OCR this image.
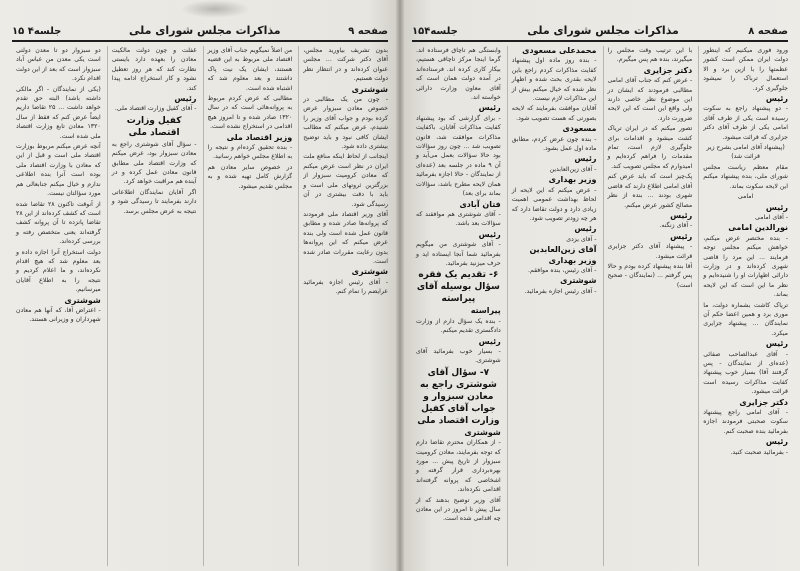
صفحه ۹
مذاکرات مجلس شورای ملی
جلسه۴ ۱۵

بدون تشریف بیاورید مجلس، آقای دکتر شرکت ... مجلس عنوان کرده‌اند و در انتظار نظر دولت هستیم.

شوشتری

- چون من یک مطالبی در خصوص معادن سبزوار عرض کرده بودم و جواب آقای وزیر را شنیدم، عرض میکنم که مطالب ایشان کافی نبود و باید توضیح بیشتری داده شود.

اینجانب از لحاظ اینکه منافع ملت ایران در نظر است عرض میکنم که معادن کرومیت سبزوار از بزرگترین ثروتهای ملی است و باید با دقت بیشتری در آن رسیدگی شود.

آقای وزیر اقتصاد ملی فرمودند که پروانه‌ها صادر شده و مطابق قانون عمل شده است ولی بنده عرض میکنم که این پروانه‌ها بدون رعایت مقررات صادر شده است.

شوشتری

- آقای رئیس اجازه بفرمائید عرایضم را تمام کنم.

من اصلاً نمیگویم جناب آقای وزیر اقتصاد ملی مربوط به این قضیه هستند، ایشان یک نیت پاک داشتند و بعد معلوم شد که اشتباه شده است.

مطالبی که عرض کردم مربوط به پروانه‌هائی است که در سال ۱۳۲۰ صادر شده و تا امروز هیچ اقدامی در استخراج نشده است.

وزیر اقتصاد ملی

- بنده تحقیق کرده‌ام و نتیجه را به اطلاع مجلس خواهم رسانید.

در خصوص سایر معادن هم گزارش کامل تهیه شده و به مجلس تقدیم میشود.

غفلت و چون دولت مالکیت معادن را بعهده دارد بایستی نظارت کند که هر روز تعطیل نشود و کار استخراج ادامه پیدا کند.

رئیس

- آقای کفیل وزارت اقتصاد ملی.

کفیل وزارت اقتصاد ملی

- سؤال آقای شوشتری راجع به معادن سبزوار بود، عرض میکنم که وزارت اقتصاد ملی مطابق قانون معادن عمل کرده و در آینده هم مراقبت خواهد کرد.

اگر آقایان نمایندگان اطلاعاتی دارند بفرمایند تا رسیدگی شود و نتیجه به عرض مجلس برسد.

دو سبزوار دو تا معدن دولتی است یکی معدن من عباس آباد سبزوار است که بعد از این دولت اقدام نکرد.

(یکی از نمایندگان - اگر مالکی داشته باشد) البته حق تقدم خواهد داشت ... ۲۵ تقاضا داریم ایضاً عرض کنم که فقط از سال ۱۳۲۰ معادن تابع وزارت اقتصاد ملی شده است.

آنچه عرض میکنم مربوط بوزارت اقتصاد ملی است و قبل از این که معادن با وزارت اقتصاد ملی بوده است آنرا بنده اطلاعی ندارم و خیال میکنم جنابعالی هم مورد سؤالتان نیست.

از آنوقت تاکنون ۲۸ تقاضا شده است که کشف کرده‌اند از این ۲۸ تقاضا پانزده تا آن پروانه کشف گرفته‌اند یعنی متخصص رفته و بررسی کرده‌اند.

دولت استخراج آنرا اجازه داده و بعد معلوم شد که هیچ اقدام نکرده‌اند، و ما اعلام کردیم و نتیجه را به اطلاع آقایان میرسانیم.

شوشتری

- اعتراض آقا، که آنها هم معادن شهرداران و وزیرانی هستند.

صفحه ۸
مذاکرات مجلس شورای ملی
جلسه۱۵۴

ورود فوری میکنیم که اینطور دولت ایران ممکن است کشور عظمتها را با ازین برد و الا استعمال ترباک را نمیشود جلوگیری کرد.

رئیس

- دو پیشنهاد راجع به سکوت رسیده است یکی از طرف آقای امامی یکی از طرف آقای دکتر جزایری که قرائت میشود.

(پیشنهاد آقای امامی بشرح زیر قرائت شد)

مقام معظم ریاست مجلس شورای ملی، بنده پیشنهاد میکنم این لایحه سکوت بماند.

امامی

رئیس

- آقای امامی

نورالدین امامی

- بنده مختصر عرض میکنم، خواهش میکنم مجلس توجه فرمایند ... این مرد را قاضی شهری کرده‌اند و در وزارت دارائی اظهارات او را شنیده‌ایم و نظر ما این است که این لایحه بماند.

تریاک کاشت بشماره دولت، ما موری برد و همین اعضا حکم آن نمایندگان ... پیشنهاد جزایری میکرد.

رئیس

- آقای عبدالصاحب صفائی (عده‌ای از نمایندگان - پس گرفتند آقا) بسیار خوب پیشنهاد کفایت مذاکرات رسیده است قرائت میشود.

دکتر جزایری

- آقای امامی راجع پیشنهاد سکوت صحبتی فرمودند اجازه بفرمائید بنده صحبت کنم.

رئیس

- بفرمائید صحبت کنید.

با این ترتیب وقت مجلس را میگیرند، بنده هم پس میگیرم.

دکتر جزایری

- عرض کنم که جناب آقای امامی مطالبی فرمودند که ایشان در این موضوع نظر خاصی دارند ولی واقع این است که این لایحه ضرورت دارد.

تصور میکنم که در ایران تریاک کشت میشود و اقدامات برای جلوگیری لازم است، تمام مقدمات را فراهم کرده‌ایم و امیدوارم که مجلس تصویب کند.

پک‌چیز است که باید عرض کنم آقای امامی اطلاع دارند که قاضی شهری بودند ... بنده از نظر مصالح کشور عرض میکنم.

رئیس

- آقای زنگنه.

رئیس

- پیشنهاد آقای دکتر جزایری قرائت میشود.

آقا بنده پیشنهاد کرده بودم و حالا پس گرفتم ... (نمایندگان - صحیح است)

محمدعلی مسعودی

- بنده روز ماده اول پیشنهاد کفایت مذاکرات کردم راجع باین لایحه بقدری بحث شده و اظهار نظر شده که خیال میکنم بیش از این مذاکرات لازم نیست.

آقایان موافقت بفرمایند که لایحه بصورتی که هست تصویب شود.

مسعودی

- بنده چون عرض کردم، مطابق ماده اول عمل بشود.

رئیس

- آقای زین‌العابدین

وزیر بهداری

- عرض میکنم که این لایحه از لحاظ بهداشت عمومی اهمیت زیادی دارد و دولت تقاضا دارد که هر چه زودتر تصویب شود.

رئیس

- آقای یزدی

آقای زین‌العابدین

وزیر بهداری

- آقای رئیس، بنده موافقم.

شوشتری

- آقای رئیس اجازه بفرمائید.

وابستگی هم تاچاق فرستاده اند. گرما اینجا مرکز تاچاقی هستیم، بیکار کاری کرده اند. فرستاده‌اند در آمده دولت همان است که آقای معاون وزارت دارائی خواسته اند.

رئیس

- برای گزارشی که بود پیشنهاد کفایت مذاکرات آقایان، باکفایت مذاکرات موافقت شد، قانون تصویب شد ... چون روز سؤالات بود حالا سؤالات بعمل می‌آید و آن ۹ ماده در جلسه بعد (عده‌ای از نمایندگان - حالا اجازه بفرمائید همان لایحه مطرح باشد، سؤالات بماند برای بعد)

فتان آبادی

- آقای شوشتری هم موافقند که سؤالات بعد باشد.

رئیس

- آقای شوشتری من میگویم بفرمائید شما آنجا ایستاده اید و حرف میزنید بفرمائید.

۶- تقدیم یک فقره سؤال بوسیله آقای پیراسته

پیراسته

- بنده یک سؤال دارم از وزارت دادگستری تقدیم میکنم.

رئیس

- بسیار خوب بفرمائید آقای شوشتری.

۷- سؤال آقای شوشتری راجع به معادن سبزوار و جواب آقای کفیل وزارت اقتصاد ملی

شوشتری

- از همکاران محترم تقاضا دارم که توجه بفرمایند، معادن کرومیت سبزوار از تاریخ پیش ... مورد بهره‌برداری قرار گرفته و اشخاصی که پروانه گرفته‌اند اقدامی نکرده‌اند.

آقای وزیر توضیح بدهند که از سال پیش تا امروز در این معادن چه اقدامی شده است.
